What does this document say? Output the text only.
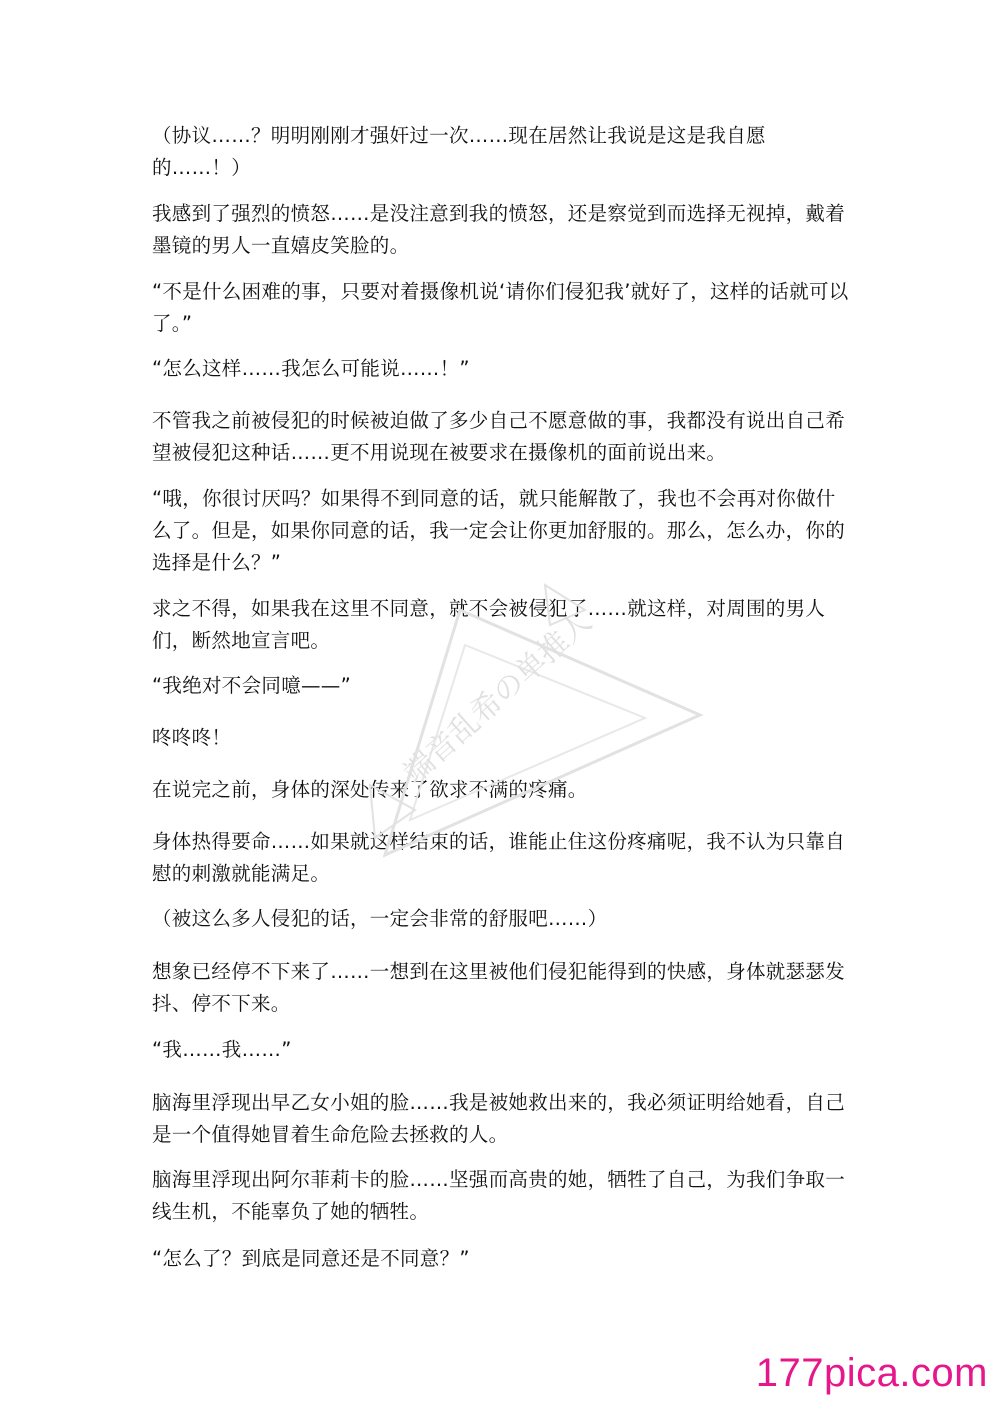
（协议……？明明刚刚才强奸过一次……现在居然让我说是这是我自愿的……！）

我感到了强烈的愤怒……是没注意到我的愤怒，还是察觉到而选择无视掉，戴着墨镜的男人一直嬉皮笑脸的。

“不是什么困难的事，只要对着摄像机说‘请你们侵犯我’就好了，这样的话就可以了。”

“怎么这样……我怎么可能说……！”

不管我之前被侵犯的时候被迫做了多少自己不愿意做的事，我都没有说出自己希望被侵犯这种话……更不用说现在被要求在摄像机的面前说出来。

“哦，你很讨厌吗？如果得不到同意的话，就只能解散了，我也不会再对你做什么了。但是，如果你同意的话，我一定会让你更加舒服的。那么，怎么办，你的选择是什么？”

求之不得，如果我在这里不同意，就不会被侵犯了……就这样，对周围的男人们，断然地宣言吧。

“我绝对不会同噫——”

咚咚咚！

在说完之前，身体的深处传来了欲求不满的疼痛。

身体热得要命……如果就这样结束的话，谁能止住这份疼痛呢，我不认为只靠自慰的刺激就能满足。

（被这么多人侵犯的话，一定会非常的舒服吧……）

想象已经停不下来了……一想到在这里被他们侵犯能得到的快感，身体就瑟瑟发抖、停不下来。

“我……我……”

脑海里浮现出早乙女小姐的脸……我是被她救出来的，我必须证明给她看，自己是一个值得她冒着生命危险去拯救的人。

脑海里浮现出阿尔菲莉卡的脸……坚强而高贵的她，牺牲了自己，为我们争取一线生机，不能辜负了她的牺牲。

“怎么了？到底是同意还是不同意？”

端音乱希の单推人
177pica.com
